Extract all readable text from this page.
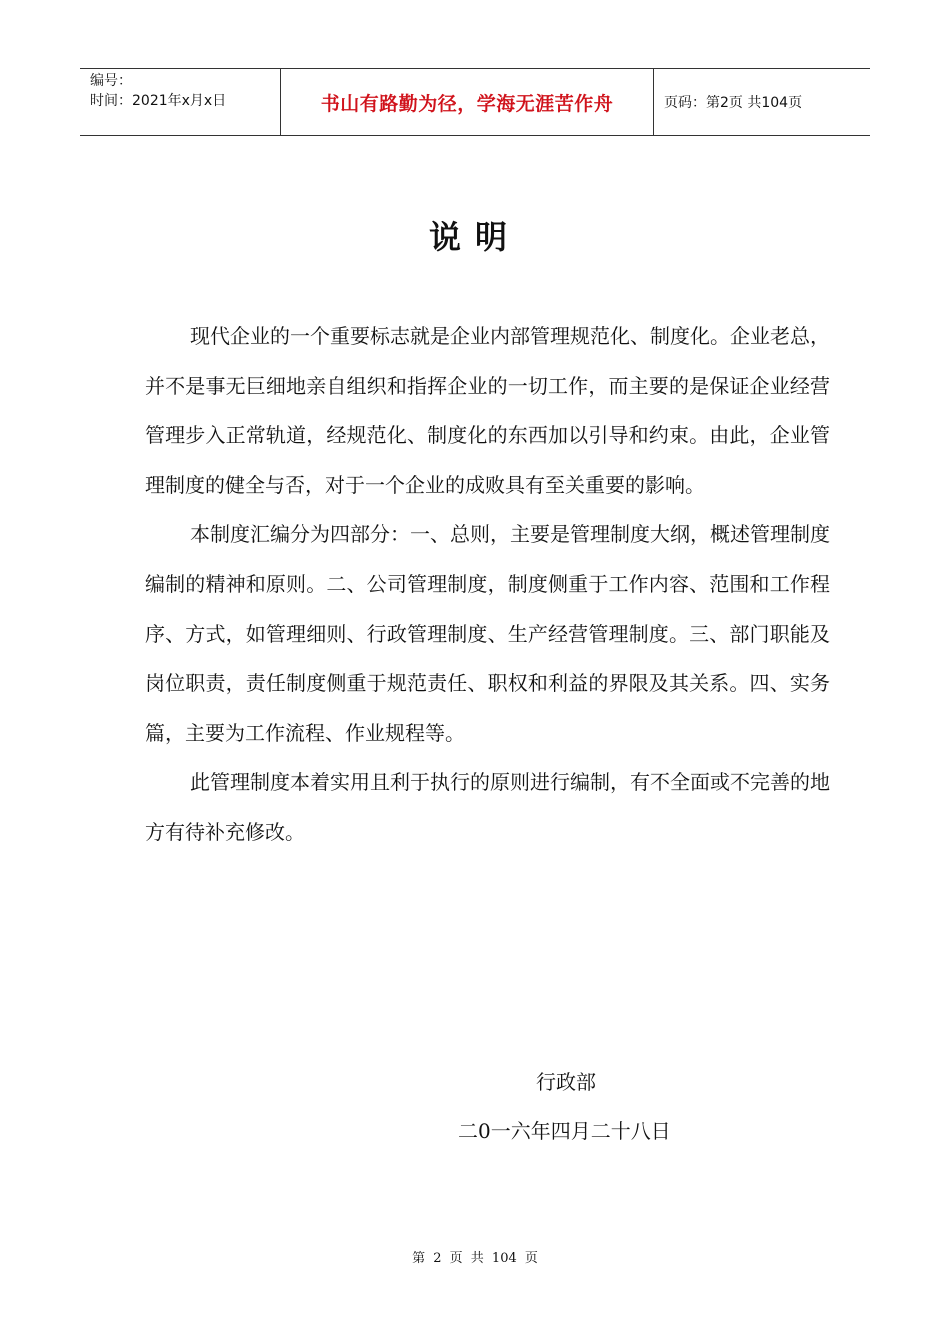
编号：
时间：2021年x月x日	书山有路勤为径，学海无涯苦作舟	页码：第2页 共104页
说明

现代企业的一个重要标志就是企业内部管理规范化、制度化。企业老总，并不是事无巨细地亲自组织和指挥企业的一切工作，而主要的是保证企业经营管理步入正常轨道，经规范化、制度化的东西加以引导和约束。由此，企业管理制度的健全与否，对于一个企业的成败具有至关重要的影响。

本制度汇编分为四部分：一、总则，主要是管理制度大纲，概述管理制度编制的精神和原则。二、公司管理制度，制度侧重于工作内容、范围和工作程序、方式，如管理细则、行政管理制度、生产经营管理制度。三、部门职能及岗位职责，责任制度侧重于规范责任、职权和利益的界限及其关系。四、实务篇，主要为工作流程、作业规程等。

此管理制度本着实用且利于执行的原则进行编制，有不全面或不完善的地方有待补充修改。

行政部
二0一六年四月二十八日
第 2 页 共 104 页
